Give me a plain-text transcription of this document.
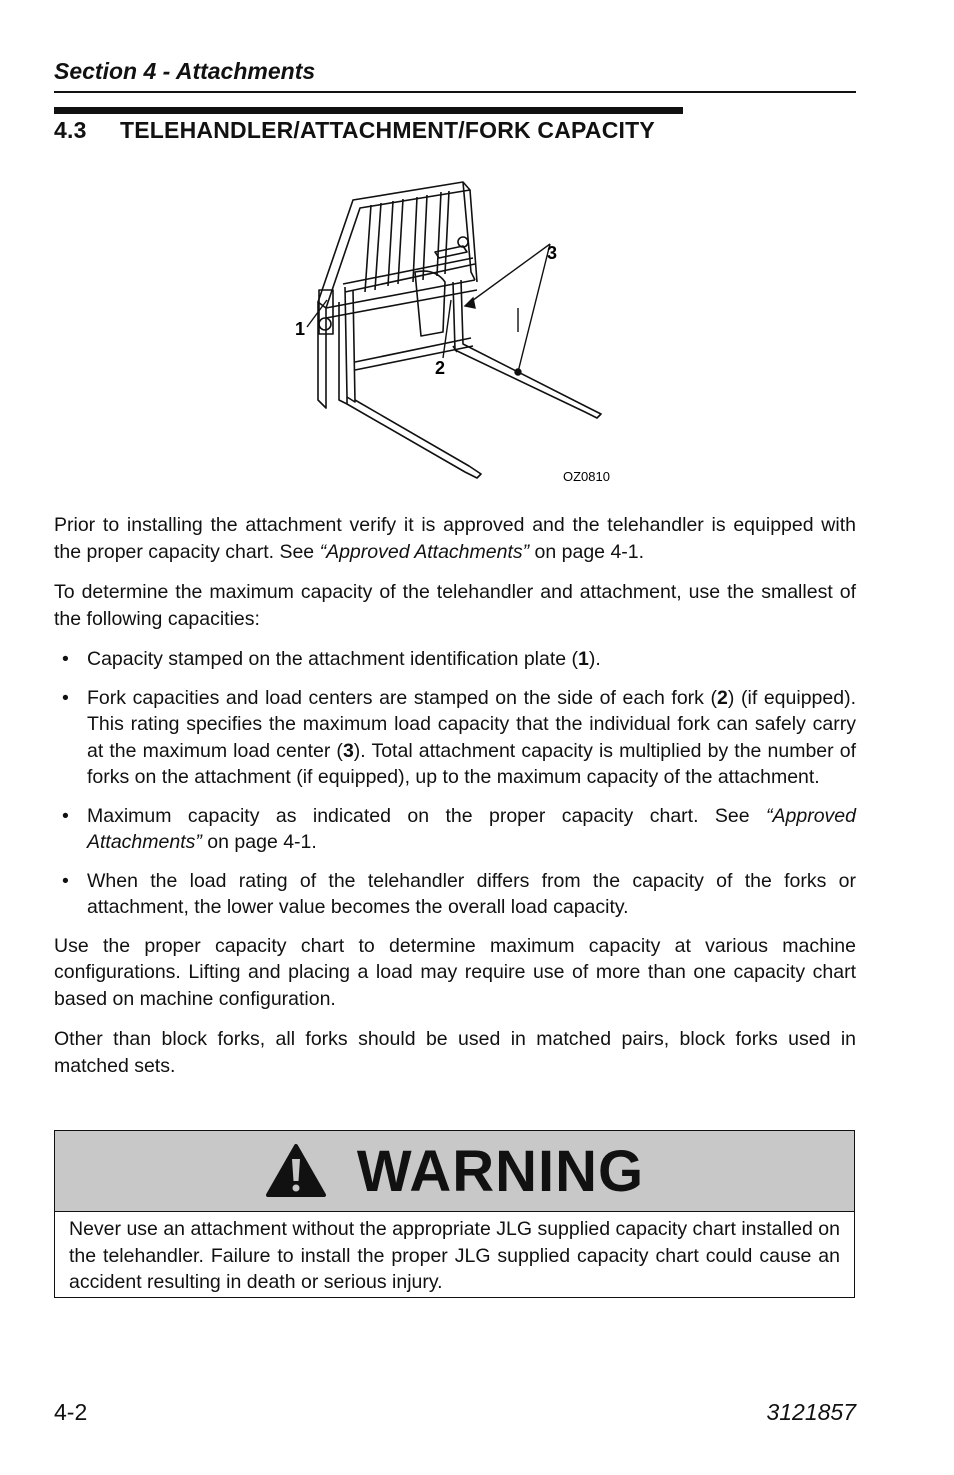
Section 4 - Attachments
4.3 TELEHANDLER/ATTACHMENT/FORK CAPACITY
1
2
3
OZ0810

Prior to installing the attachment verify it is approved and the telehandler is equipped with the proper capacity chart. See “Approved Attachments” on page 4-1.

To determine the maximum capacity of the telehandler and attachment, use the smallest of the following capacities:

• Capacity stamped on the attachment identification plate (1).
• Fork capacities and load centers are stamped on the side of each fork (2) (if equipped). This rating specifies the maximum load capacity that the individual fork can safely carry at the maximum load center (3). Total attachment capacity is multiplied by the number of forks on the attachment (if equipped), up to the maximum capacity of the attachment.
• Maximum capacity as indicated on the proper capacity chart. See “Approved Attachments” on page 4-1.
• When the load rating of the telehandler differs from the capacity of the forks or attachment, the lower value becomes the overall load capacity.

Use the proper capacity chart to determine maximum capacity at various machine configurations. Lifting and placing a load may require use of more than one capacity chart based on machine configuration.

Other than block forks, all forks should be used in matched pairs, block forks used in matched sets.

WARNING
Never use an attachment without the appropriate JLG supplied capacity chart installed on the telehandler. Failure to install the proper JLG supplied capacity chart could cause an accident resulting in death or serious injury.
4-2	3121857
